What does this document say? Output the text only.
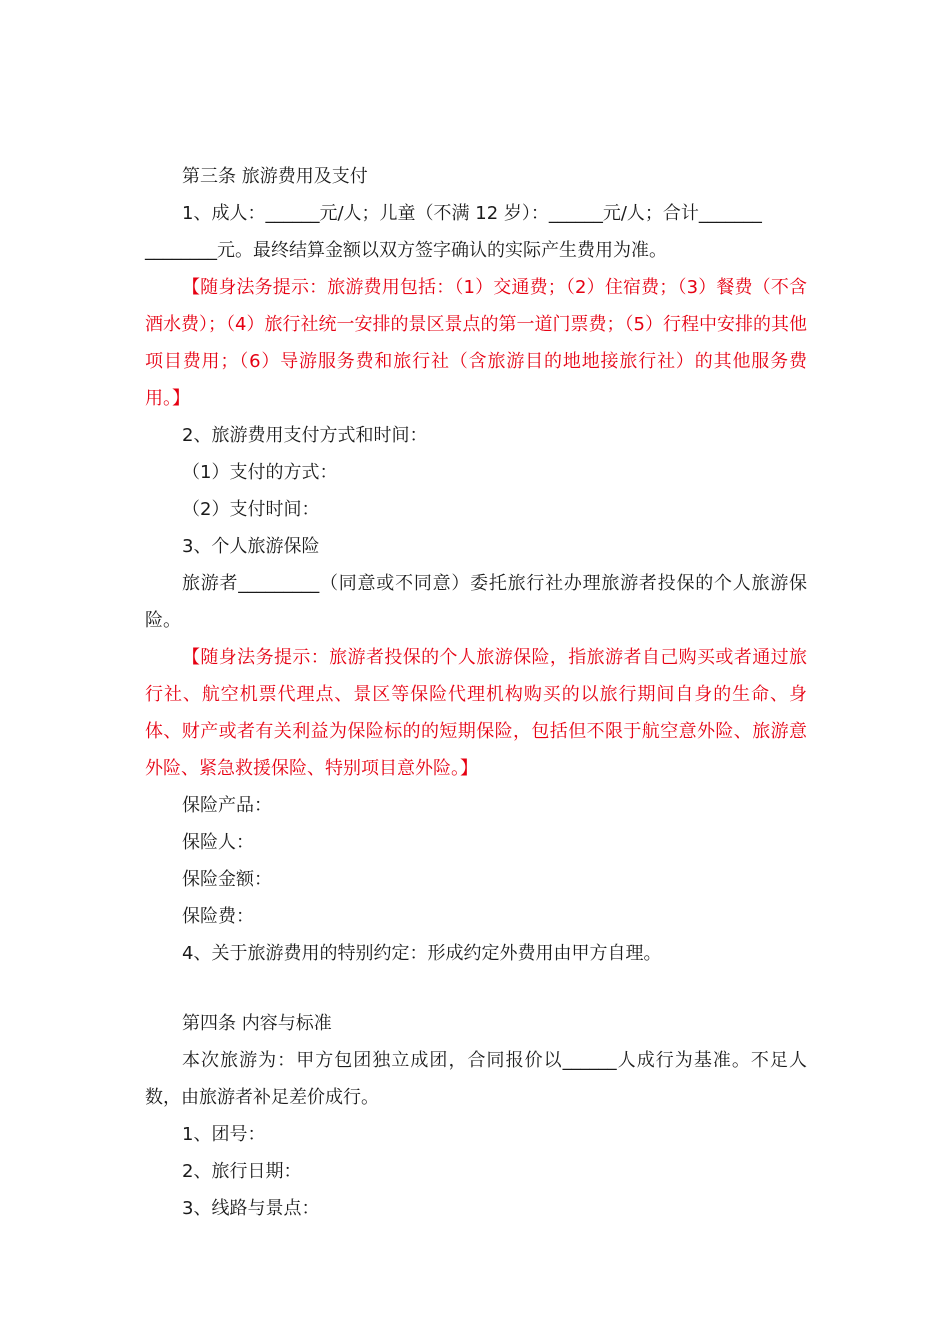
第三条 旅游费用及支付

1、成人：______元/人；儿童（不满 12 岁）：______元/人；合计_______

________元。最终结算金额以双方签字确认的实际产生费用为准。

【随身法务提示：旅游费用包括：（1）交通费；（2）住宿费；（3）餐费（不含酒水费）；（4）旅行社统一安排的景区景点的第一道门票费；（5）行程中安排的其他项目费用；（6）导游服务费和旅行社（含旅游目的地地接旅行社）的其他服务费用。】

2、旅游费用支付方式和时间：

（1）支付的方式：

（2）支付时间：

3、个人旅游保险

旅游者_________（同意或不同意）委托旅行社办理旅游者投保的个人旅游保险。

【随身法务提示：旅游者投保的个人旅游保险，指旅游者自己购买或者通过旅行社、航空机票代理点、景区等保险代理机构购买的以旅行期间自身的生命、身体、财产或者有关利益为保险标的的短期保险，包括但不限于航空意外险、旅游意外险、紧急救援保险、特别项目意外险。】

保险产品：

保险人：

保险金额：

保险费：

4、关于旅游费用的特别约定：形成约定外费用由甲方自理。

第四条 内容与标准

本次旅游为：甲方包团独立成团，合同报价以______人成行为基准。不足人数，由旅游者补足差价成行。

1、团号：

2、旅行日期：

3、线路与景点：
